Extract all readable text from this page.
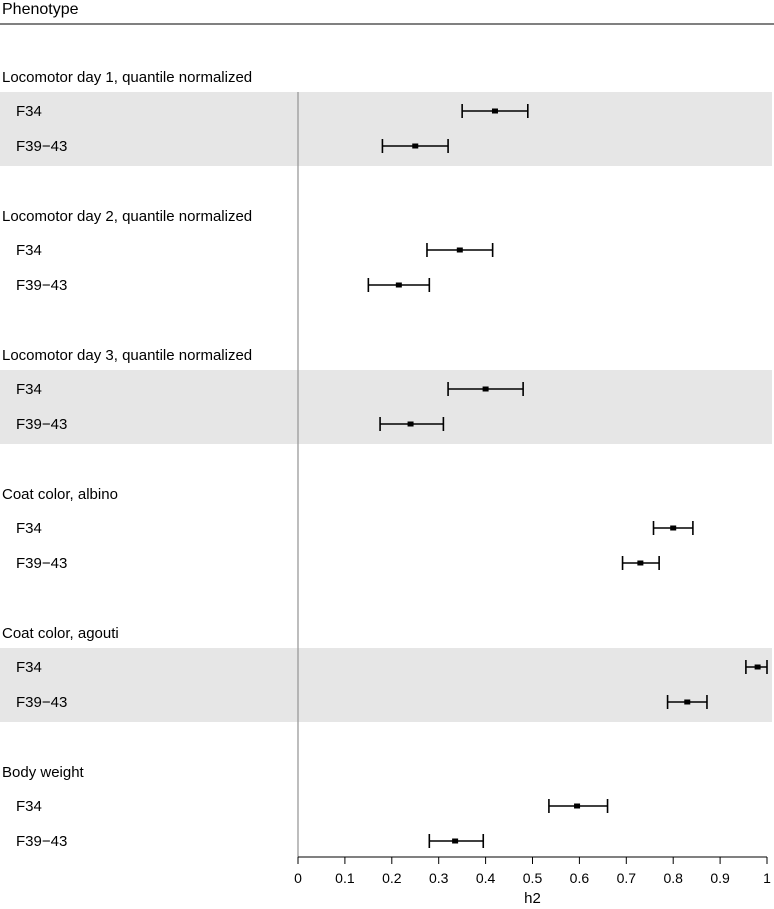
Phenotype
Locomotor day 1, quantile normalized
F34
F39−43
Locomotor day 2, quantile normalized
F34
F39−43
Locomotor day 3, quantile normalized
F34
F39−43
Coat color, albino
F34
F39−43
Coat color, agouti
F34
F39−43
Body weight
F34
F39−43
0 0.1 0.2 0.3 0.4 0.5 0.6 0.7 0.8 0.9 1
h2
